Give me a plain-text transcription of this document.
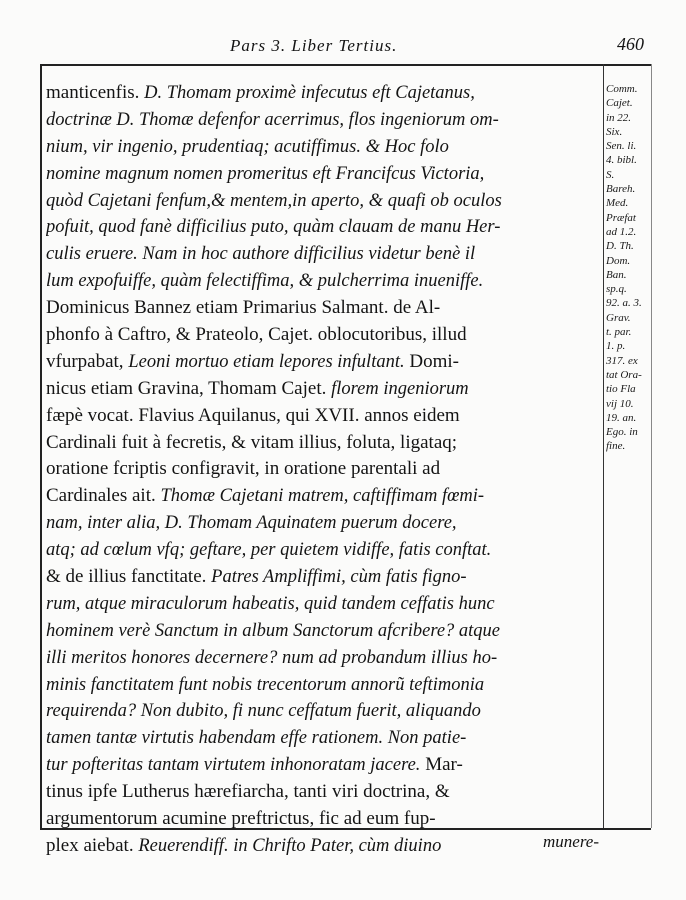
Pars 3. Liber Tertius.	460
manticenfis. D. Thomam proximè infecutus eft Cajetanus,
doctrinæ D. Thomæ defenfor acerrimus, flos ingeniorum om-
nium, vir ingenio, prudentiaq; acutiffimus. & Hoc folo
nomine magnum nomen promeritus eft Francifcus Victoria,
quòd Cajetani fenfum,& mentem,in aperto, & quafi ob oculos
pofuit, quod fanè difficilius puto, quàm clauam de manu Her-
culis eruere. Nam in hoc authore difficilius videtur benè il
lum expofuiffe, quàm felectiffima, & pulcherrima inueniffe.
Dominicus Bannez etiam Primarius Salmant. de Al-
phonfo à Caftro, & Prateolo, Cajet. oblocutoribus, illud
vfurpabat, Leoni mortuo etiam lepores infultant. Domi-
nicus etiam Gravina, Thomam Cajet. florem ingeniorum
fæpè vocat. Flavius Aquilanus, qui XVII. annos eidem
Cardinali fuit à fecretis, & vitam illius, foluta, ligataq;
oratione fcriptis configravit, in oratione parentali ad
Cardinales ait. Thomæ Cajetani matrem, caftiffimam fœmi-
nam, inter alia, D. Thomam Aquinatem puerum docere,
atq; ad cœlum vfq; geftare, per quietem vidiffe, fatis conftat.
& de illius fanctitate. Patres Ampliffimi, cùm fatis figno-
rum, atque miraculorum habeatis, quid tandem ceffatis hunc
hominem verè Sanctum in album Sanctorum afcribere? atque
illi meritos honores decernere? num ad probandum illius ho-
minis fanctitatem funt nobis trecentorum annorũ teftimonia
requirenda? Non dubito, fi nunc ceffatum fuerit, aliquando
tamen tantæ virtutis habendam effe rationem. Non patie-
tur pofteritas tantam virtutem inhonoratam jacere. Mar-
tinus ipfe Lutherus hærefiarcha, tanti viri doctrina, &
argumentorum acumine preftrictus, fic ad eum fup-
plex aiebat. Reuerendiff. in Chrifto Pater, cùm diuino
Comm.
Cajet.
in 22.
Six.
Sen. li.
4. bibl.
S.
Bareh.
Med.
Præfat
ad 1.2.
D. Th.
Dom.
Ban.
sp.q.
92. a. 3.
Grav.
t. par.
1. p.
317. ex
tat Ora-
tio Fla
vij 10.
19. an.
Ego. in
fine.
munere-
